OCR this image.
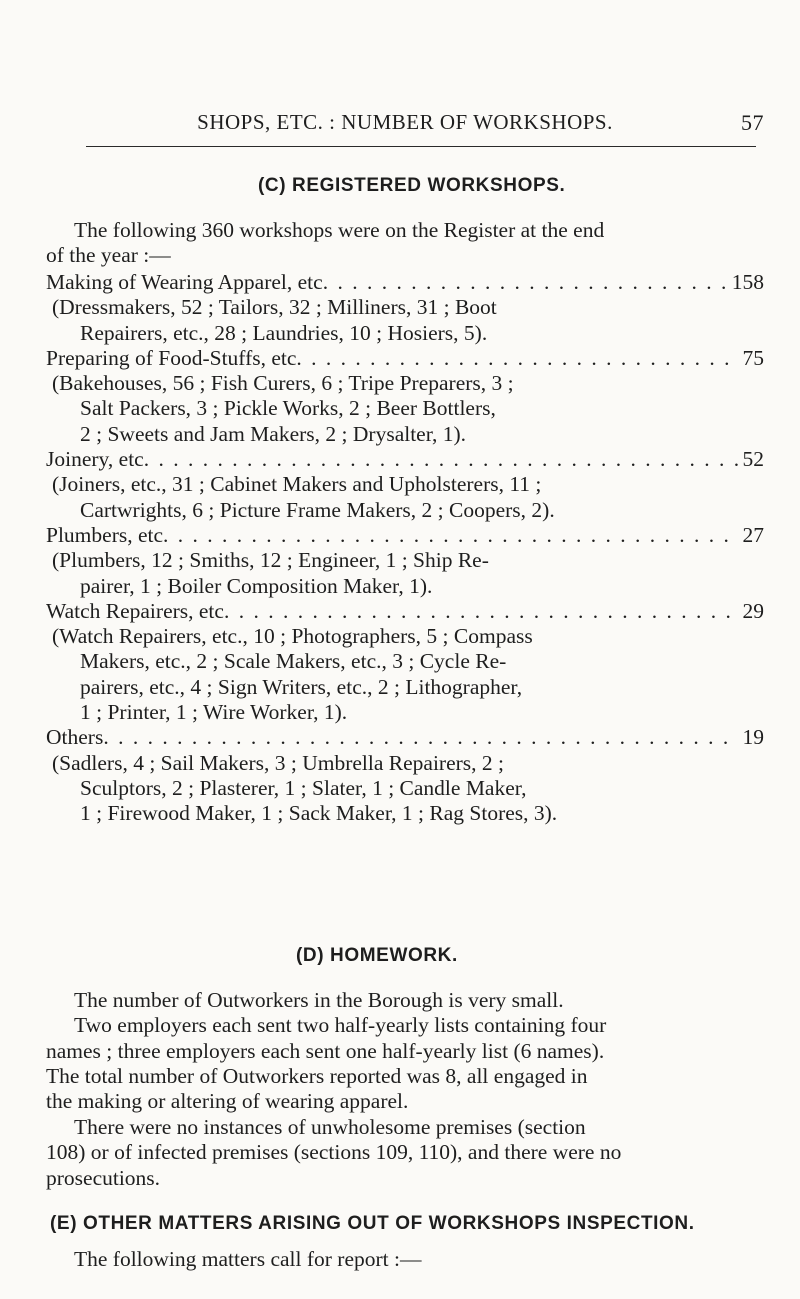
SHOPS, ETC. : NUMBER OF WORKSHOPS.	57
(C) REGISTERED WORKSHOPS.

The following 360 workshops were on the Register at the end

of the year :—

Making of Wearing Apparel, etc . . .	158
(Dressmakers, 52 ; Tailors, 32 ; Milliners, 31 ; Boot
Repairers, etc., 28 ; Laundries, 10 ; Hosiers, 5).
Preparing of Food-Stuffs, etc . . .	75
(Bakehouses, 56 ; Fish Curers, 6 ; Tripe Preparers, 3 ;
Salt Packers, 3 ; Pickle Works, 2 ; Beer Bottlers,
2 ; Sweets and Jam Makers, 2 ; Drysalter, 1).
Joinery, etc . . .	52
(Joiners, etc., 31 ; Cabinet Makers and Upholsterers, 11 ;
Cartwrights, 6 ; Picture Frame Makers, 2 ; Coopers, 2).
Plumbers, etc . . .	27
(Plumbers, 12 ; Smiths, 12 ; Engineer, 1 ; Ship Re-
pairer, 1 ; Boiler Composition Maker, 1).
Watch Repairers, etc . . .	29
(Watch Repairers, etc., 10 ; Photographers, 5 ; Compass
Makers, etc., 2 ; Scale Makers, etc., 3 ; Cycle Re-
pairers, etc., 4 ; Sign Writers, etc., 2 ; Lithographer,
1 ; Printer, 1 ; Wire Worker, 1).
Others . . .	19
(Sadlers, 4 ; Sail Makers, 3 ; Umbrella Repairers, 2 ;
Sculptors, 2 ; Plasterer, 1 ; Slater, 1 ; Candle Maker,
1 ; Firewood Maker, 1 ; Sack Maker, 1 ; Rag Stores, 3).
(D) HOMEWORK.

The number of Outworkers in the Borough is very small.

Two employers each sent two half-yearly lists containing four

names ; three employers each sent one half-yearly list (6 names).

The total number of Outworkers reported was 8, all engaged in

the making or altering of wearing apparel.

There were no instances of unwholesome premises (section

108) or of infected premises (sections 109, 110), and there were no

prosecutions.

(E) OTHER MATTERS ARISING OUT OF WORKSHOPS INSPECTION.

The following matters call for report :—
